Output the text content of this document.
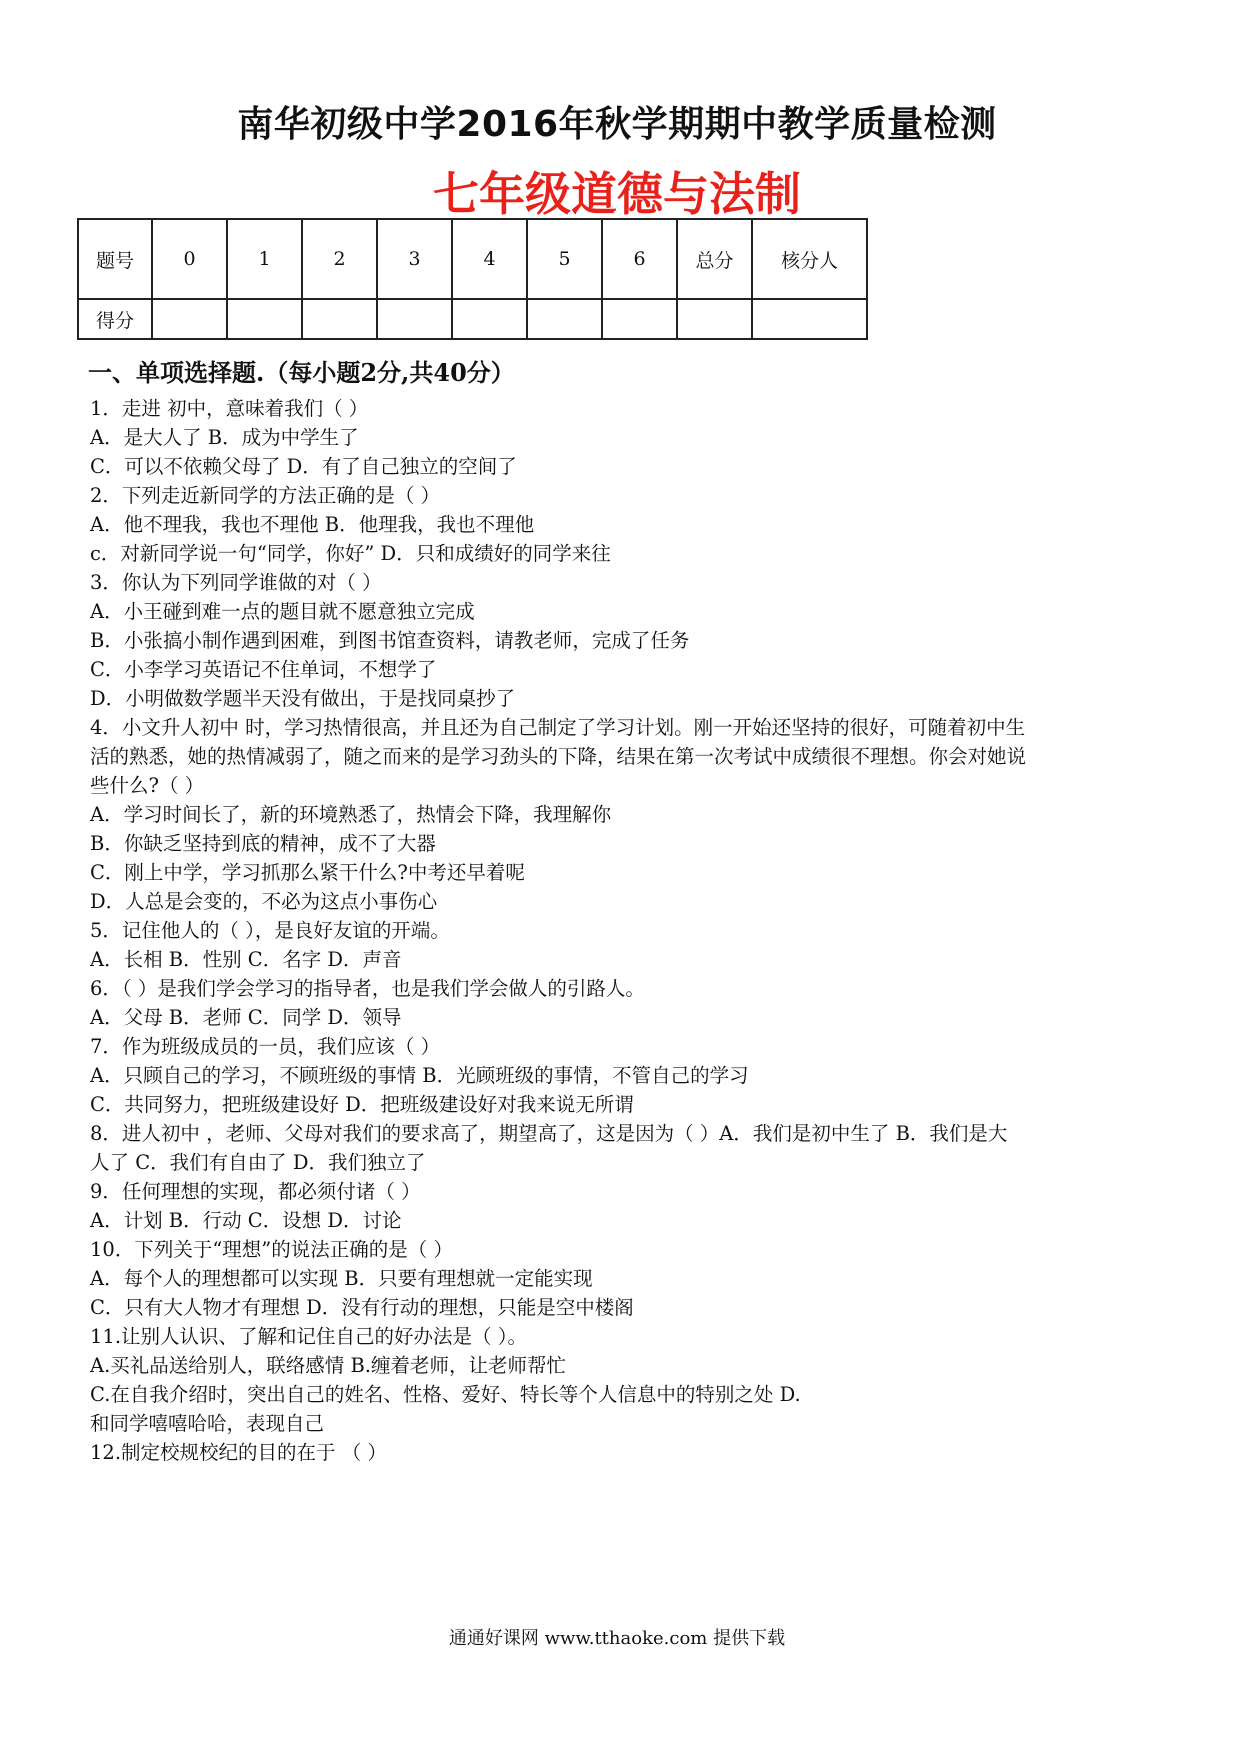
南华初级中学2016年秋学期期中教学质量检测
七年级道德与法制
题号	0	1	2	3	4	5	6	总分	核分人
得分									
一、单项选择题.（每小题2分,共40分）
1．走进 初中，意味着我们（ ）
A．是大人了 B．成为中学生了
C．可以不依赖父母了 D．有了自己独立的空间了
2．下列走近新同学的方法正确的是（ ）
A．他不理我，我也不理他 B．他理我，我也不理他
c．对新同学说一句“同学，你好” D．只和成绩好的同学来往
3．你认为下列同学谁做的对（ ）
A．小王碰到难一点的题目就不愿意独立完成
B．小张搞小制作遇到困难，到图书馆查资料，请教老师，完成了任务
C．小李学习英语记不住单词，不想学了
D．小明做数学题半天没有做出，于是找同桌抄了
4．小文升人初中 时，学习热情很高，并且还为自己制定了学习计划。刚一开始还坚持的很好，可随着初中生
活的熟悉，她的热情减弱了，随之而来的是学习劲头的下降，结果在第一次考试中成绩很不理想。你会对她说
些什么?（ ）
A．学习时间长了，新的环境熟悉了，热情会下降，我理解你
B．你缺乏坚持到底的精神，成不了大器
C．刚上中学，学习抓那么紧干什么?中考还早着呢
D．人总是会变的，不必为这点小事伤心
5．记住他人的（ ），是良好友谊的开端。
A．长相 B．性别 C．名字 D．声音
6．（ ）是我们学会学习的指导者，也是我们学会做人的引路人。
A．父母 B．老师 C．同学 D．领导
7．作为班级成员的一员，我们应该（ ）
A．只顾自己的学习，不顾班级的事情 B．光顾班级的事情，不管自己的学习
C．共同努力，把班级建设好 D．把班级建设好对我来说无所谓
8．进人初中 ，老师、父母对我们的要求高了，期望高了，这是因为（ ）A．我们是初中生了 B．我们是大
人了 C．我们有自由了 D．我们独立了
9．任何理想的实现，都必须付诸（ ）
A．计划 B．行动 C．设想 D．讨论
10．下列关于“理想”的说法正确的是（ ）
A．每个人的理想都可以实现 B．只要有理想就一定能实现
C．只有大人物才有理想 D．没有行动的理想，只能是空中楼阁
11.让别人认识、了解和记住自己的好办法是（ ）。
A.买礼品送给别人，联络感情 B.缠着老师，让老师帮忙
C.在自我介绍时，突出自己的姓名、性格、爱好、特长等个人信息中的特别之处 D.
和同学嘻嘻哈哈，表现自己
12.制定校规校纪的目的在于 （ ）
通通好课网 www.tthaoke.com 提供下载
